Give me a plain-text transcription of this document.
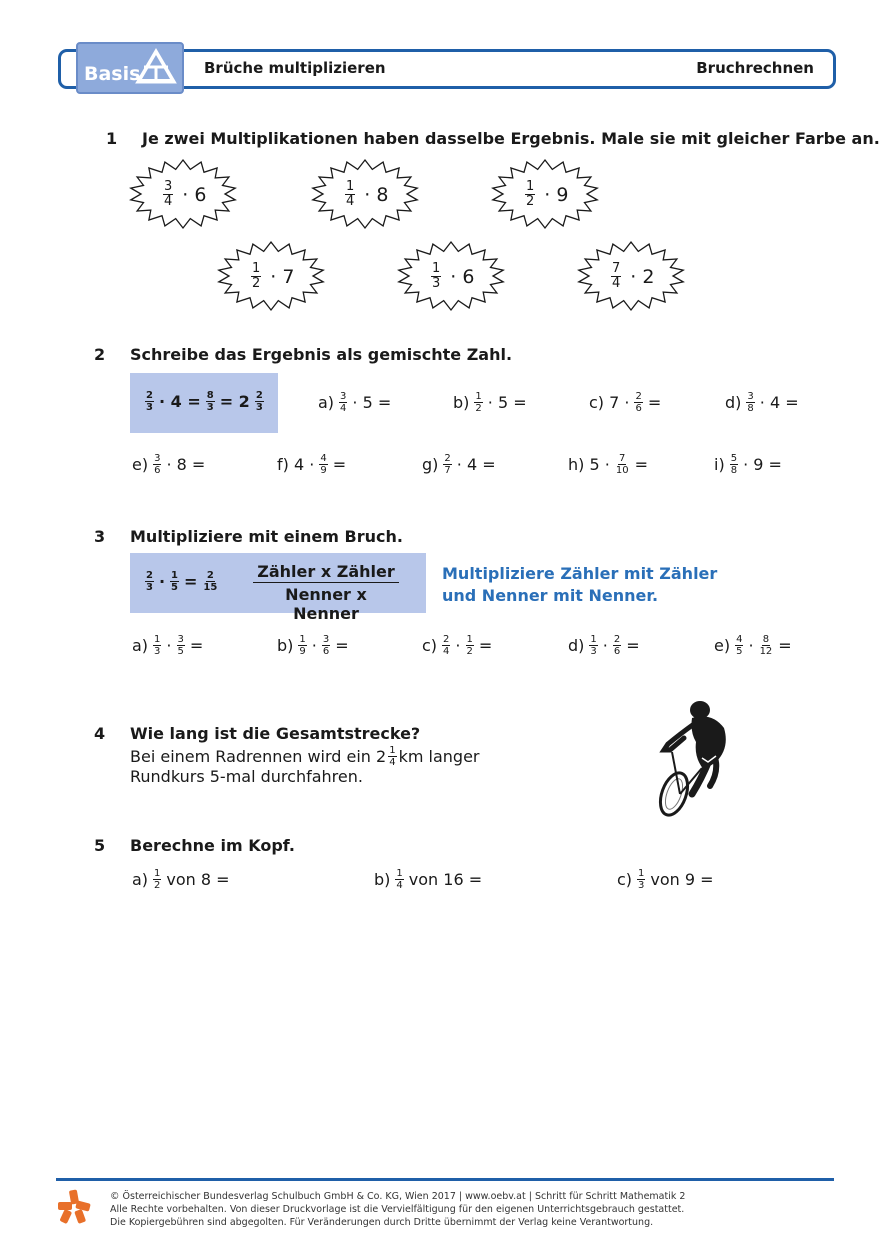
Basis	Brüche multiplizieren	Bruchrechnen
1 Je zwei Multiplikationen haben dasselbe Ergebnis. Male sie mit gleicher Farbe an.
$\frac{3}{4} \cdot 6$	$\frac{1}{4} \cdot 8$	$\frac{1}{2} \cdot 9$
$\frac{1}{2} \cdot 7$	$\frac{1}{3} \cdot 6$	$\frac{7}{4} \cdot 2$
2 Schreibe das Ergebnis als gemischte Zahl.
$\frac{2}{3} \cdot 4 = \frac{8}{3} = 2 \frac{2}{3}$	$a) \frac{3}{4} \cdot 5$ =	$b) \frac{1}{2} \cdot 5$ =	c) $7 \cdot \frac{2}{6}$ =	$d) \frac{3}{8} \cdot 4$ =
$e) \frac{3}{6} \cdot 8$ =	f) $4 \cdot \frac{4}{9}$ =	$g) \frac{2}{7} \cdot 4$ =	h) $5 \cdot \frac{7}{10}$ =	$i) \frac{5}{8} \cdot 9$ =
3 Multipliziere mit einem Bruch.
$\frac{2}{3} \cdot \frac{1}{5} = \frac{2}{15}$ Zähler x Zähler
Nenner x Nenner
Multipliziere Zähler mit Zähler
und Nenner mit Nenner.
$a) \frac{1}{3} \cdot \frac{3}{5}$ =	$b) \frac{1}{9} \cdot \frac{3}{6}$ =	$c) \frac{2}{4} \cdot \frac{1}{2}$ =	$d) \frac{1}{3} \cdot \frac{2}{6}$ =	$e) \frac{4}{5} \cdot \frac{8}{12}$ =
4 Wie lang ist die Gesamtstrecke?
Bei einem Radrennen wird ein $2 \frac{1}{4}$ km langer
Rundkurs 5-mal durchfahren.
5 Berechne im Kopf.
$a) \frac{1}{2}$ von 8 =	$b) \frac{1}{4}$ von 16 =	$c) \frac{1}{3}$ von 9 =
© Österreichischer Bundesverlag Schulbuch GmbH & Co. KG, Wien 2017 | www.oebv.at | Schritt für Schritt Mathematik 2
Alle Rechte vorbehalten. Von dieser Druckvorlage ist die Vervielfältigung für den eigenen Unterrichtsgebrauch gestattet.
Die Kopiergebühren sind abgegolten. Für Veränderungen durch Dritte übernimmt der Verlag keine Verantwortung.
